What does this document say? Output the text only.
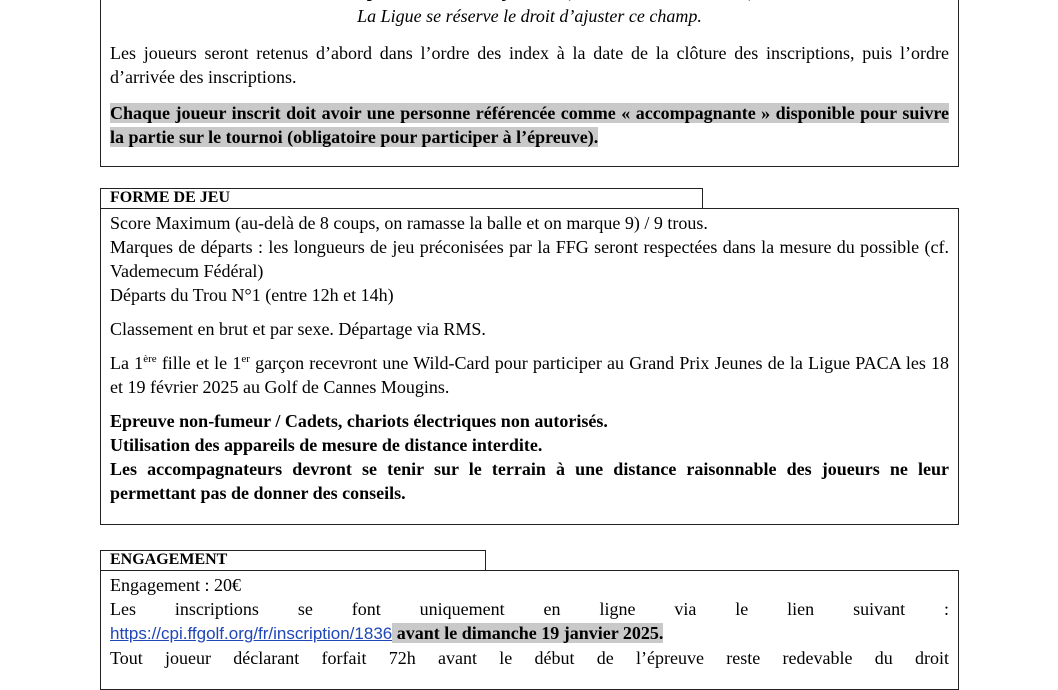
La Ligue se réserve le droit d’ajuster ce champ.

Les joueurs seront retenus d’abord dans l’ordre des index à la date de la clôture des inscriptions, puis l’ordre d’arrivée des inscriptions.

Chaque joueur inscrit doit avoir une personne référencée comme « accompagnante » disponible pour suivre la partie sur le tournoi (obligatoire pour participer à l’épreuve).

FORME DE JEU

Score Maximum (au-delà de 8 coups, on ramasse la balle et on marque 9) / 9 trous.

Marques de départs : les longueurs de jeu préconisées par la FFG seront respectées dans la mesure du possible (cf. Vademecum Fédéral)

Départs du Trou N°1 (entre 12h et 14h)

Classement en brut et par sexe. Départage via RMS.

La 1ère fille et le 1er garçon recevront une Wild-Card pour participer au Grand Prix Jeunes de la Ligue PACA les 18 et 19 février 2025 au Golf de Cannes Mougins.

Epreuve non-fumeur / Cadets, chariots électriques non autorisés.

Utilisation des appareils de mesure de distance interdite.

Les accompagnateurs devront se tenir sur le terrain à une distance raisonnable des joueurs ne leur permettant pas de donner des conseils.

ENGAGEMENT

Engagement : 20€

Les inscriptions se font uniquement en ligne via le lien suivant :

https://cpi.ffgolf.org/fr/inscription/1836 avant le dimanche 19 janvier 2025.

Tout joueur déclarant forfait 72h avant le début de l’épreuve reste redevable du droit
